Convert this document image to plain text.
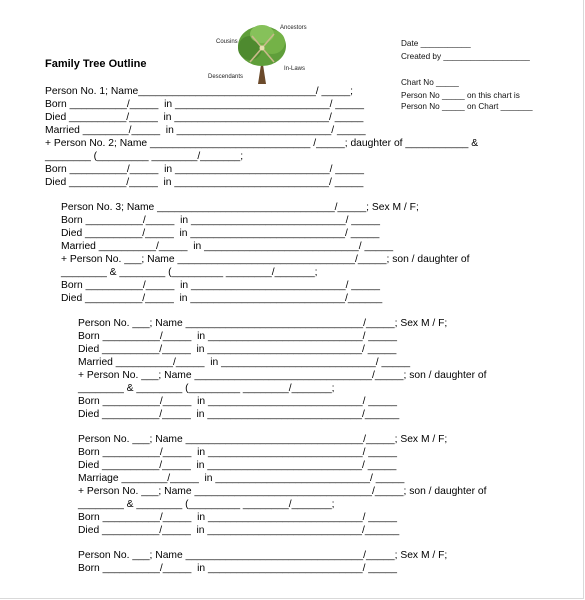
Family Tree Outline
Ancestors
Cousins
In-Laws
Descendants
Date ___________
Created by ___________________
Chart No _____
Person No _____ on this chart is
Person No _____ on Chart _______
Person No. 1; Name_______________________________/ _____;
Born __________/_____  in ___________________________/ _____
Died __________/_____  in ___________________________/ _____
Married ________/_____  in ___________________________/ _____
+ Person No. 2; Name ____________________________ /_____; daughter of ___________ &
________ (_________ ________/_______;
Born __________/_____  in ___________________________/ _____
Died __________/_____  in ___________________________/ _____
Person No. 3; Name _______________________________/_____; Sex M / F;
Born __________/_____  in ___________________________/ _____
Died __________/_____  in ___________________________/ _____
Married __________/_____  in ___________________________/ _____
+ Person No. ___; Name _______________________________/_____; son / daughter of
________ & ________ (_________ ________/_______;
Born __________/_____  in ___________________________/ _____
Died __________/_____  in ___________________________/______
Person No. ___; Name _______________________________/_____; Sex M / F;
Born __________/_____  in ___________________________/ _____
Died __________/_____  in ___________________________/ _____
Married __________/_____  in ___________________________/ _____
+ Person No. ___; Name _______________________________/_____; son / daughter of
________ & ________ (_________ ________/_______;
Born __________/_____  in ___________________________/ _____
Died __________/_____  in ___________________________/______
Person No. ___; Name _______________________________/_____; Sex M / F;
Born __________/_____  in ___________________________/ _____
Died __________/_____  in ___________________________/ _____
Marriage ________/_____  in ___________________________/ _____
+ Person No. ___; Name _______________________________/_____; son / daughter of
________ & ________ (_________ ________/_______;
Born __________/_____  in ___________________________/ _____
Died __________/_____  in ___________________________/______
Person No. ___; Name _______________________________/_____; Sex M / F;
Born __________/_____  in ___________________________/ _____
